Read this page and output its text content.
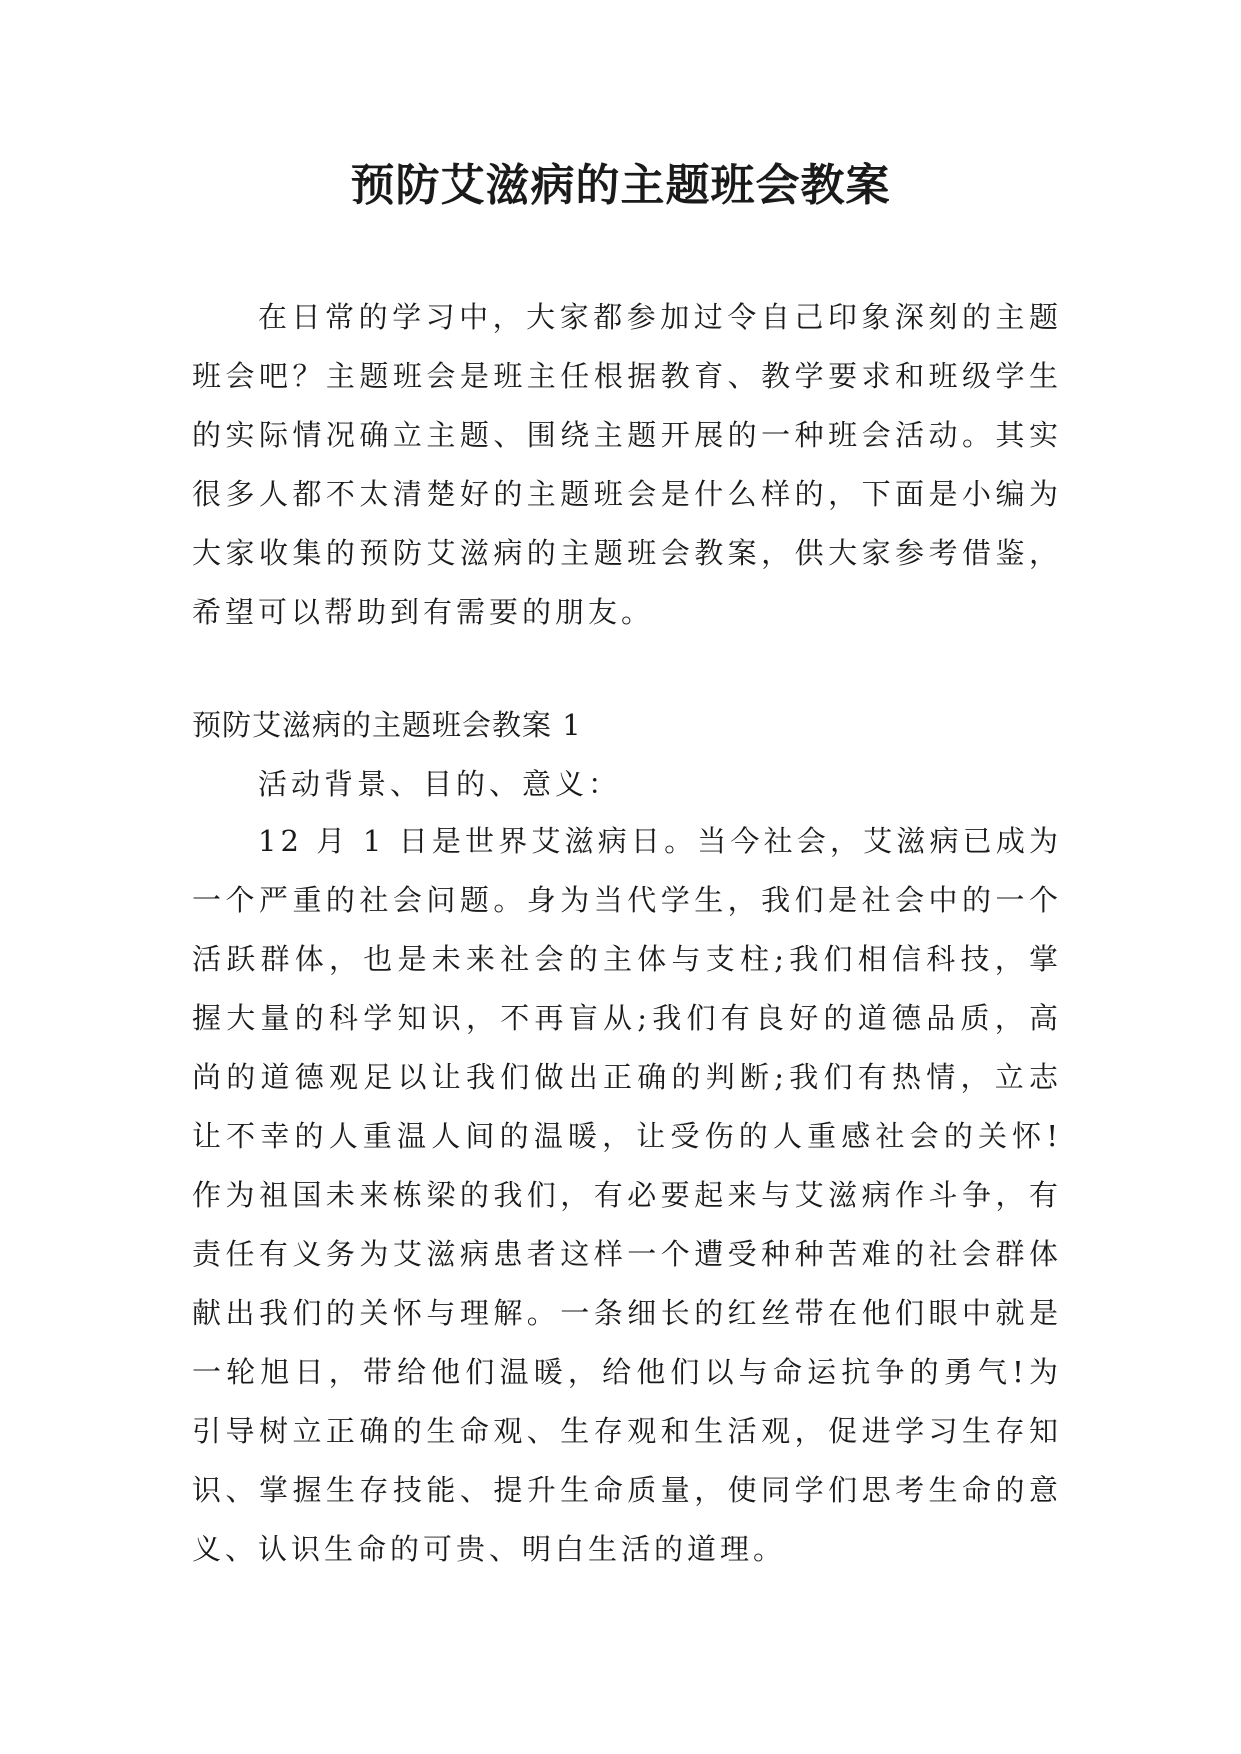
预防艾滋病的主题班会教案

在日常的学习中，大家都参加过令自己印象深刻的主题班会吧？主题班会是班主任根据教育、教学要求和班级学生的实际情况确立主题、围绕主题开展的一种班会活动。其实很多人都不太清楚好的主题班会是什么样的，下面是小编为大家收集的预防艾滋病的主题班会教案，供大家参考借鉴，希望可以帮助到有需要的朋友。

预防艾滋病的主题班会教案 1

活动背景、目的、意义：

12 月 1 日是世界艾滋病日。当今社会，艾滋病已成为一个严重的社会问题。身为当代学生，我们是社会中的一个活跃群体，也是未来社会的主体与支柱;我们相信科技，掌握大量的科学知识，不再盲从;我们有良好的道德品质，高尚的道德观足以让我们做出正确的判断;我们有热情，立志让不幸的人重温人间的温暖，让受伤的人重感社会的关怀!作为祖国未来栋梁的我们，有必要起来与艾滋病作斗争，有责任有义务为艾滋病患者这样一个遭受种种苦难的社会群体献出我们的关怀与理解。一条细长的红丝带在他们眼中就是一轮旭日，带给他们温暖，给他们以与命运抗争的勇气!为引导树立正确的生命观、生存观和生活观，促进学习生存知识、掌握生存技能、提升生命质量，使同学们思考生命的意义、认识生命的可贵、明白生活的道理。
